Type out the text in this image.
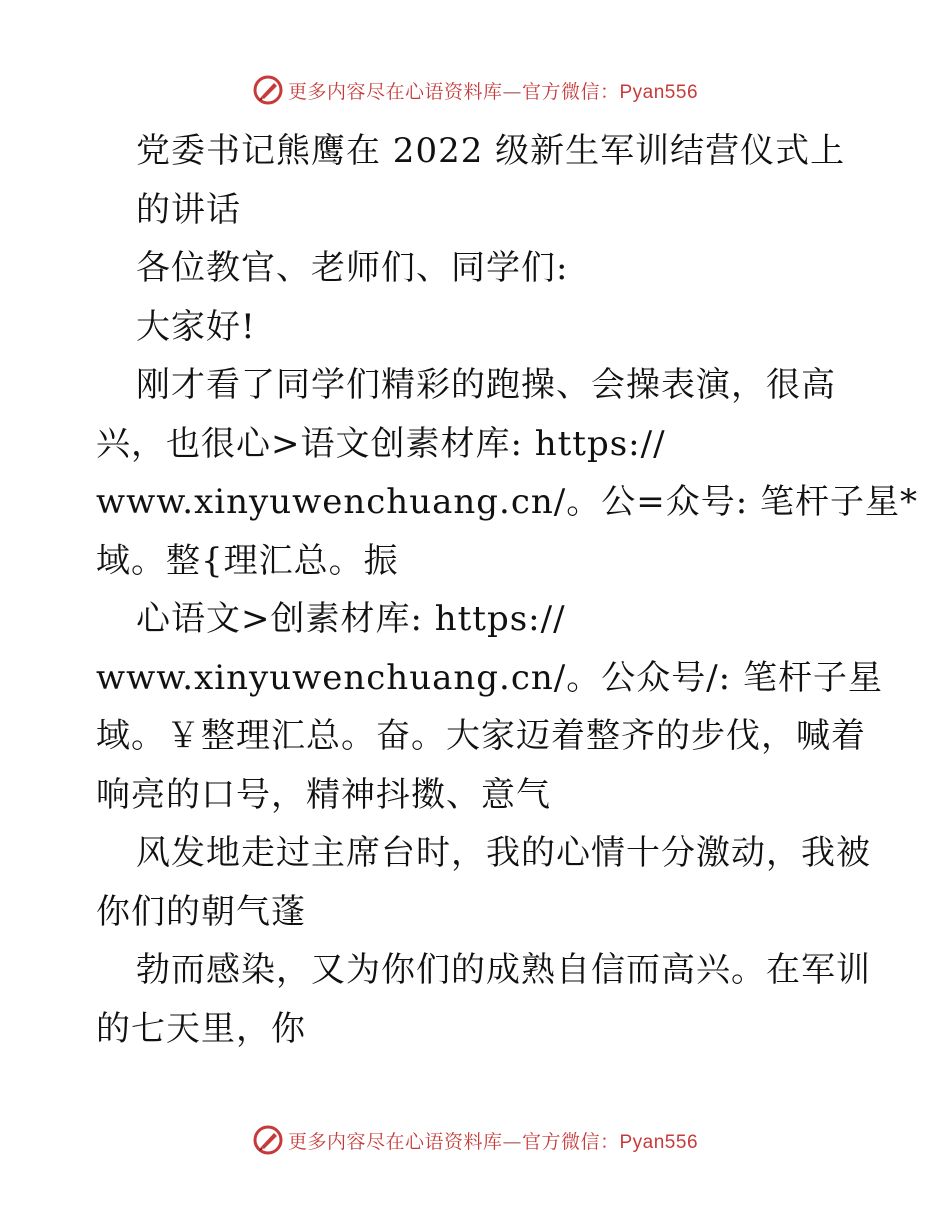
更多内容尽在心语资料库—官方微信：Pyan556
党委书记熊鹰在 2022 级新生军训结营仪式上
的讲话
各位教官、老师们、同学们:
大家好!
刚才看了同学们精彩的跑操、会操表演，很高
兴，也很心>语文创素材库: https://
www.xinyuwenchuang.cn/。公=众号: 笔杆子星*
域。整{理汇总。振
心语文>创素材库: https://
www.xinyuwenchuang.cn/。公众号/: 笔杆子星
域。￥整理汇总。奋。大家迈着整齐的步伐，喊着
响亮的口号，精神抖擞、意气
风发地走过主席台时，我的心情十分激动，我被
你们的朝气蓬
勃而感染，又为你们的成熟自信而高兴。在军训
的七天里，你
更多内容尽在心语资料库—官方微信：Pyan556
